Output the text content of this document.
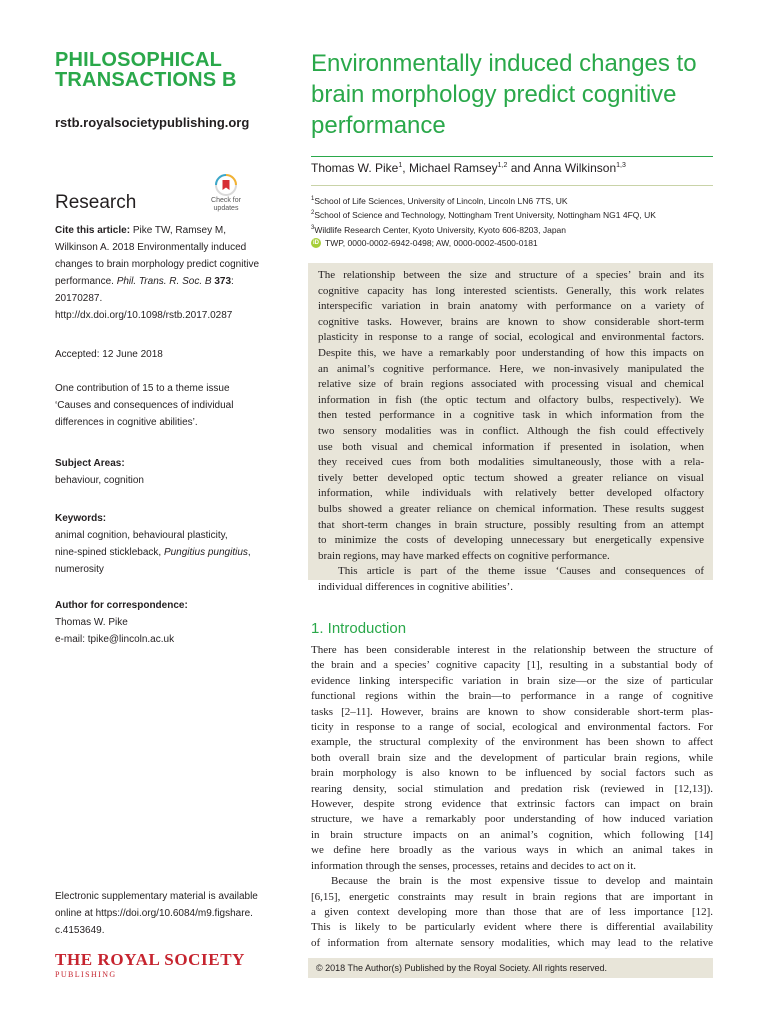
PHILOSOPHICAL
TRANSACTIONS B
rstb.royalsocietypublishing.org
Research	Check for
updates
Cite this article: Pike TW, Ramsey M,
Wilkinson A. 2018 Environmentally induced
changes to brain morphology predict cognitive
performance. Phil. Trans. R. Soc. B 373:
20170287.
http://dx.doi.org/10.1098/rstb.2017.0287
Accepted: 12 June 2018
One contribution of 15 to a theme issue
‘Causes and consequences of individual
differences in cognitive abilities’.
Subject Areas:
behaviour, cognition
Keywords:
animal cognition, behavioural plasticity,
nine-spined stickleback, Pungitius pungitius,
numerosity
Author for correspondence:
Thomas W. Pike
e-mail: tpike@lincoln.ac.uk
Electronic supplementary material is available
online at https://doi.org/10.6084/m9.figshare.
c.4153649.
THE ROYAL SOCIETY
PUBLISHING
Environmentally induced changes to
brain morphology predict cognitive
performance
Thomas W. Pike$^1$, Michael Ramsey$^{1,2}$ and Anna Wilkinson$^{1,3}$
$^1$School of Life Sciences, University of Lincoln, Lincoln LN6 7TS, UK
$^2$School of Science and Technology, Nottingham Trent University, Nottingham NG1 4FQ, UK
$^3$Wildlife Research Center, Kyoto University, Kyoto 606-8203, Japan
iD TWP, 0000-0002-6942-0498; AW, 0000-0002-4500-0181
The relationship between the size and structure of a species’ brain and its
cognitive capacity has long interested scientists. Generally, this work relates
interspecific variation in brain anatomy with performance on a variety of
cognitive tasks. However, brains are known to show considerable short-term
plasticity in response to a range of social, ecological and environmental factors.
Despite this, we have a remarkably poor understanding of how this impacts on
an animal’s cognitive performance. Here, we non-invasively manipulated the
relative size of brain regions associated with processing visual and chemical
information in fish (the optic tectum and olfactory bulbs, respectively). We
then tested performance in a cognitive task in which information from the
two sensory modalities was in conflict. Although the fish could effectively
use both visual and chemical information if presented in isolation, when
they received cues from both modalities simultaneously, those with a rela-
tively better developed optic tectum showed a greater reliance on visual
information, while individuals with relatively better developed olfactory
bulbs showed a greater reliance on chemical information. These results suggest
that short-term changes in brain structure, possibly resulting from an attempt
to minimize the costs of developing unnecessary but energetically expensive
brain regions, may have marked effects on cognitive performance.
This article is part of the theme issue ‘Causes and consequences of
individual differences in cognitive abilities’.
1. Introduction
There has been considerable interest in the relationship between the structure of
the brain and a species’ cognitive capacity [1], resulting in a substantial body of
evidence linking interspecific variation in brain size—or the size of particular
functional regions within the brain—to performance in a range of cognitive
tasks [2–11]. However, brains are known to show considerable short-term plas-
ticity in response to a range of social, ecological and environmental factors. For
example, the structural complexity of the environment has been shown to affect
both overall brain size and the development of particular brain regions, while
brain morphology is also known to be influenced by social factors such as
rearing density, social stimulation and predation risk (reviewed in [12,13]).
However, despite strong evidence that extrinsic factors can impact on brain
structure, we have a remarkably poor understanding of how induced variation
in brain structure impacts on an animal’s cognition, which following [14]
we define here broadly as the various ways in which an animal takes in
information through the senses, processes, retains and decides to act on it.
Because the brain is the most expensive tissue to develop and maintain
[6,15], energetic constraints may result in brain regions that are important in
a given context developing more than those that are of less importance [12].
This is likely to be particularly evident where there is differential availability
of information from alternate sensory modalities, which may lead to the relative
© 2018 The Author(s) Published by the Royal Society. All rights reserved.
